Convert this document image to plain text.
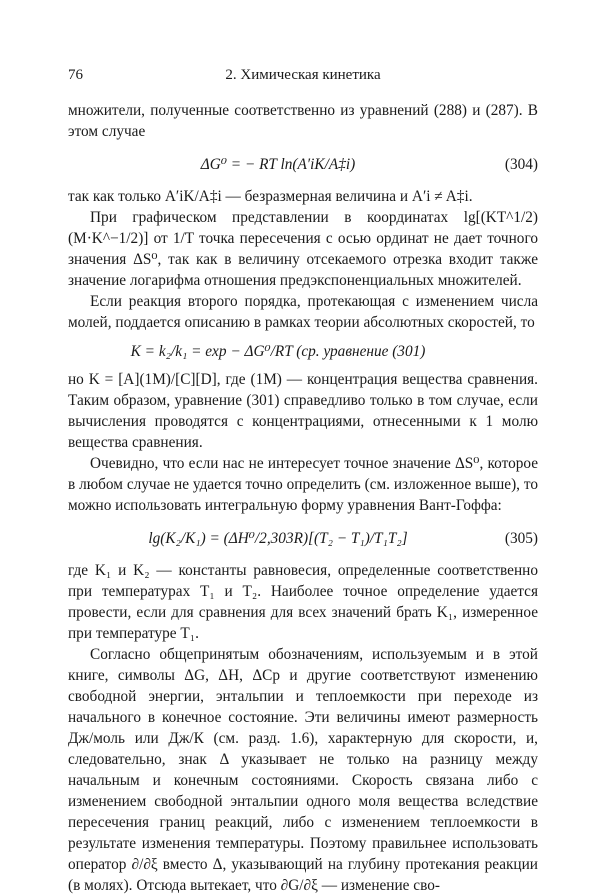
76	2. Химическая кинетика

множители, полученные соответственно из уравнений (288) и (287). В этом случае

ΔG⁰ = − RT ln(A′iK/A‡i)	(304)

так как только A′iK/A‡i — безразмерная величина и A′i ≠ A‡i.

При графическом представлении в координатах lg[(KT^1/2) (M·K^−1/2)] от 1/T точка пересечения с осью ординат не дает точного значения ΔS⁰, так как в величину отсекаемого отрезка входит также значение логарифма отношения предэкспоненциальных множителей.

Если реакция второго порядка, протекающая с изменением числа молей, поддается описанию в рамках теории абсолютных скоростей, то

K = k₂/k₁ = exp − ΔG⁰/RT (ср. уравнение (301)

но K = [A](1M)/[C][D], где (1M) — концентрация вещества сравнения. Таким образом, уравнение (301) справедливо только в том случае, если вычисления проводятся с концентрациями, отнесенными к 1 молю вещества сравнения.

Очевидно, что если нас не интересует точное значение ΔS⁰, которое в любом случае не удается точно определить (см. изложенное выше), то можно использовать интегральную форму уравнения Вант-Гоффа:

lg(K₂/K₁) = (ΔH⁰/2,303R)[(T₂ − T₁)/T₁T₂]	(305)

где K₁ и K₂ — константы равновесия, определенные соответственно при температурах T₁ и T₂. Наиболее точное определение удается провести, если для сравнения для всех значений брать K₁, измеренное при температуре T₁.

Согласно общепринятым обозначениям, используемым и в этой книге, символы ΔG, ΔH, ΔCp и другие соответствуют изменению свободной энергии, энтальпии и теплоемкости при переходе из начального в конечное состояние. Эти величины имеют размерность Дж/моль или Дж/К (см. разд. 1.6), характерную для скорости, и, следовательно, знак Δ указывает не только на разницу между начальным и конечным состояниями. Скорость связана либо с изменением свободной энтальпии одного моля вещества вследствие пересечения границ реакций, либо с изменением теплоемкости в результате изменения температуры. Поэтому правильнее использовать оператор ∂/∂ξ вместо Δ, указывающий на глубину протекания реакции (в молях). Отсюда вытекает, что ∂G/∂ξ — изменение сво-
